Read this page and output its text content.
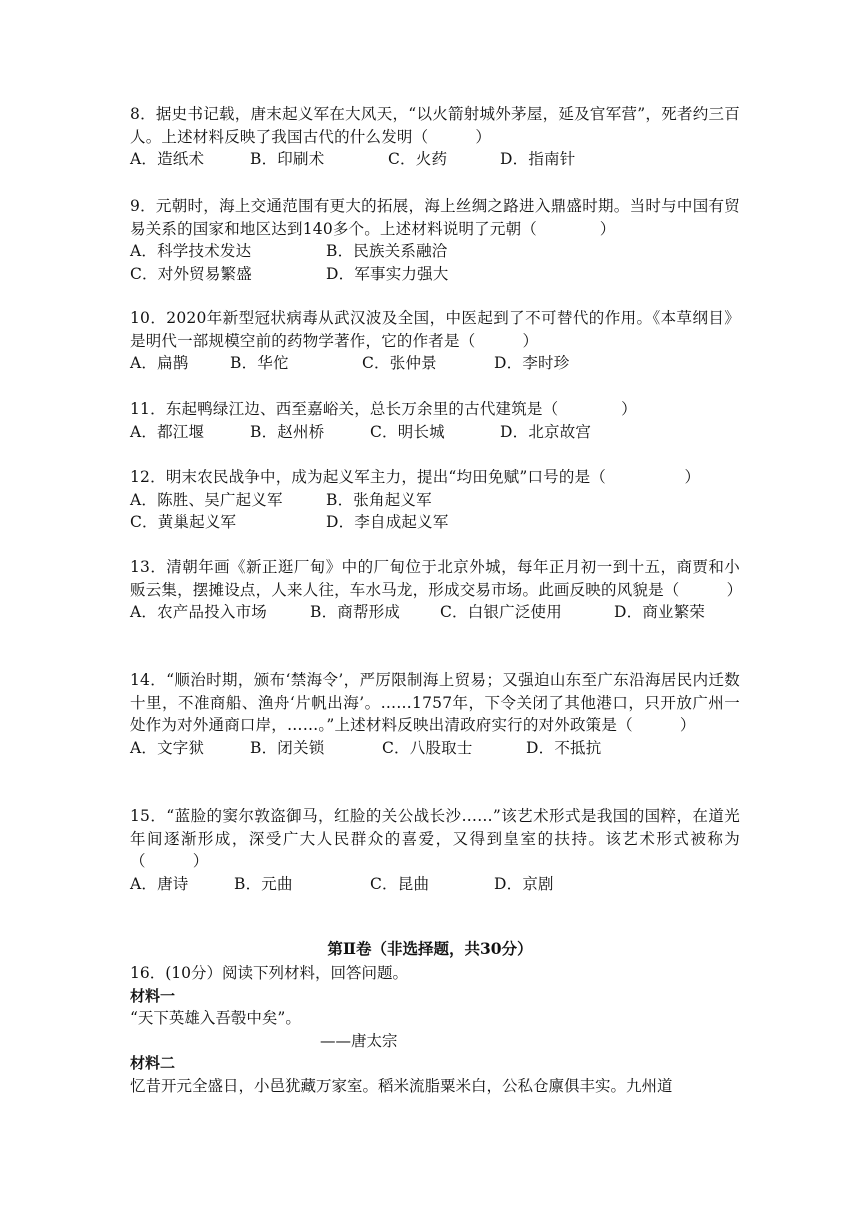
8．据史书记载，唐末起义军在大风天，“以火箭射城外茅屋，延及官军营”，死者约三百人。上述材料反映了我国古代的什么发明（　　　）

A．造纸术	B．印刷术	C．火药	D．指南针

9．元朝时，海上交通范围有更大的拓展，海上丝绸之路进入鼎盛时期。当时与中国有贸易关系的国家和地区达到140多个。上述材料说明了元朝（　　　　）

A．科学技术发达	B．民族关系融洽
C．对外贸易繁盛	D．军事实力强大

10．2020年新型冠状病毒从武汉波及全国，中医起到了不可替代的作用。《本草纲目》是明代一部规模空前的药物学著作，它的作者是（　　　）

A．扁鹊	B．华佗	C．张仲景	D．李时珍

11．东起鸭绿江边、西至嘉峪关，总长万余里的古代建筑是（　　　　）

A．都江堰	B．赵州桥	C．明长城	D．北京故宫

12．明末农民战争中，成为起义军主力，提出“均田免赋”口号的是（　　　　　）

A．陈胜、吴广起义军	B．张角起义军
C．黄巢起义军	D．李自成起义军

13．清朝年画《新正逛厂甸》中的厂甸位于北京外城，每年正月初一到十五，商贾和小贩云集，摆摊设点，人来人往，车水马龙，形成交易市场。此画反映的风貌是（　　　）

A．农产品投入市场	B．商帮形成	C．白银广泛使用	D．商业繁荣

14．“顺治时期，颁布‘禁海令’，严厉限制海上贸易；又强迫山东至广东沿海居民内迁数十里，不准商船、渔舟‘片帆出海’。……1757年，下令关闭了其他港口，只开放广州一处作为对外通商口岸，……。”上述材料反映出清政府实行的对外政策是（　　　）

A．文字狱	B．闭关锁	C．八股取士	D．不抵抗

15．“蓝脸的窦尔敦盗御马，红脸的关公战长沙……”该艺术形式是我国的国粹，在道光年间逐渐形成，深受广大人民群众的喜爱，又得到皇室的扶持。该艺术形式被称为（　　　）

A．唐诗	B．元曲	C．昆曲	D．京剧
第Ⅱ卷（非选择题，共30分）

16．(10分）阅读下列材料，回答问题。

材料一

“天下英雄入吾彀中矣”。

——唐太宗

材料二

忆昔开元全盛日，小邑犹藏万家室。稻米流脂粟米白，公私仓廪俱丰实。九州道
